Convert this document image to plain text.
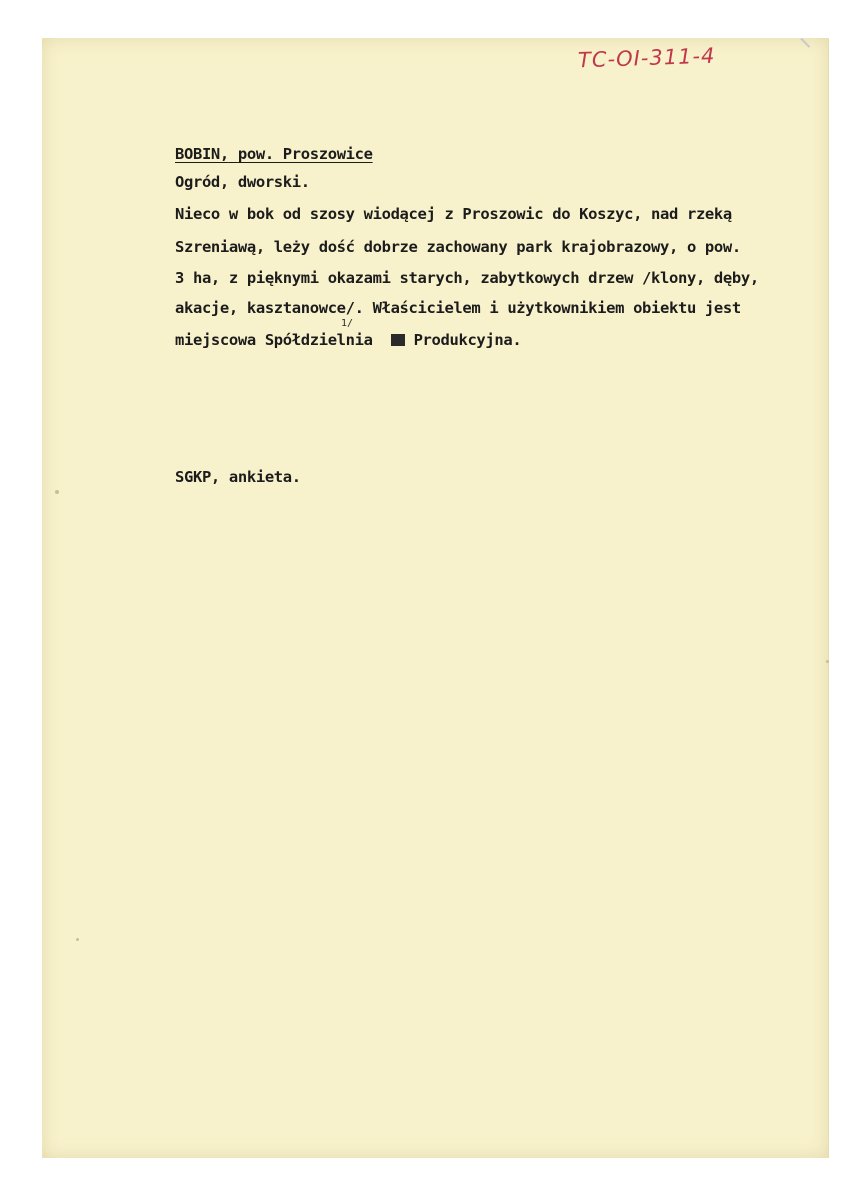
TC-OI-311-4
BOBIN, pow. Proszowice
Ogród, dworski.
Nieco w bok od szosy wiodącej z Proszowic do Koszyc, nad rzeką
Szreniawą, leży dość dobrze zachowany park krajobrazowy, o pow.
3 ha, z pięknymi okazami starych, zabytkowych drzew /klony, dęby,
akacje, kasztanowce/. Właścicielem i użytkownikiem obiektu jest
miejscowa Spółdzielnia	Produkcyjna.
1/
SGKP, ankieta.
